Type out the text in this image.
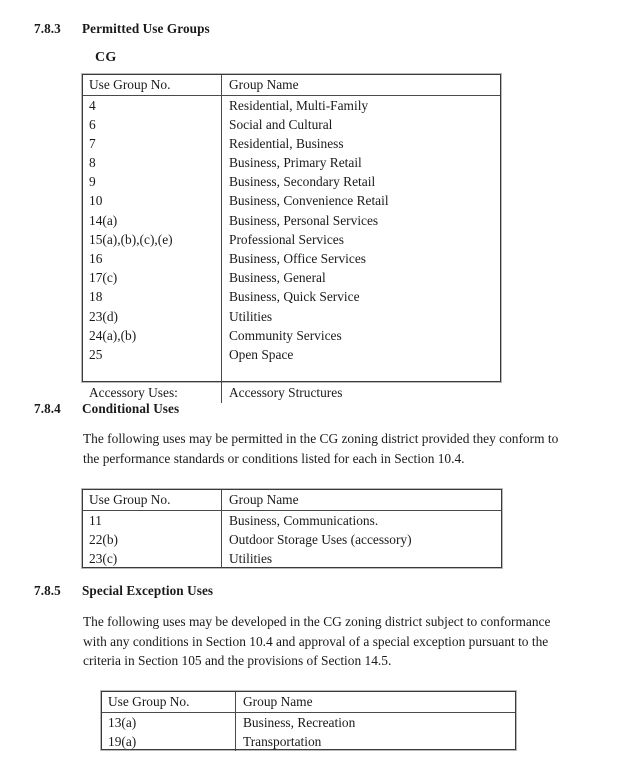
7.8.3	Permitted Use Groups
CG
Use Group No.	Group Name
4	Residential, Multi-Family
6	Social and Cultural
7	Residential, Business
8	Business, Primary Retail
9	Business, Secondary Retail
10	Business, Convenience Retail
14(a)	Business, Personal Services
15(a),(b),(c),(e)	Professional Services
16	Business, Office Services
17(c)	Business, General
18	Business, Quick Service
23(d)	Utilities
24(a),(b)	Community Services
25	Open Space
Accessory Uses:	Accessory Structures
7.8.4	Conditional Uses
The following uses may be permitted in the CG zoning district provided they conform to
the performance standards or conditions listed for each in Section 10.4.
Use Group No.	Group Name
11	Business, Communications.
22(b)	Outdoor Storage Uses (accessory)
23(c)	Utilities
7.8.5	Special Exception Uses
The following uses may be developed in the CG zoning district subject to conformance
with any conditions in Section 10.4 and approval of a special exception pursuant to the
criteria in Section 105 and the provisions of Section 14.5.
Use Group No.	Group Name
13(a)	Business, Recreation
19(a)	Transportation
